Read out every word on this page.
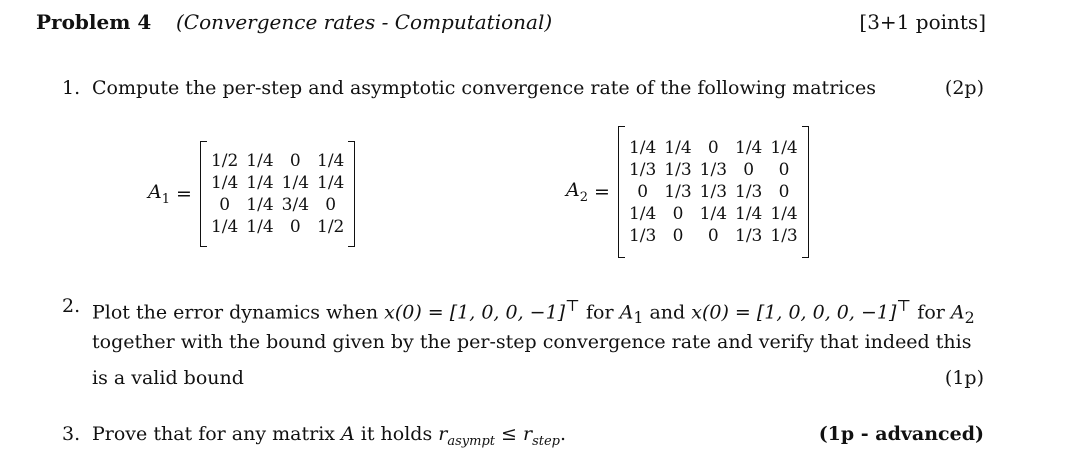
Problem 4 (Convergence rates - Computational)	[3+1 points]
1. Compute the per-step and asymptotic convergence rate of the following matrices	(2p)
$A_1$ =
1/2	1/4	0	1/4
1/4	1/4	1/4	1/4
0	1/4	3/4	0
1/4	1/4	0	1/2
$A_2$ =
1/4	1/4	0	1/4	1/4
1/3	1/3	1/3	0	0
0	1/3	1/3	1/3	0
1/4	0	1/4	1/4	1/4
1/3	0	0	1/3	1/3
2. Plot the error dynamics when x(0) = [1, 0, 0, −1]⊤ for $A_1$ and x(0) = [1, 0, 0, 0, −1]⊤ for $A_2$
together with the bound given by the per-step convergence rate and verify that indeed this
is a valid bound	(1p)
3. Prove that for any matrix A it holds $r_{asympt} \le r_{step}$.	(1p - advanced)
